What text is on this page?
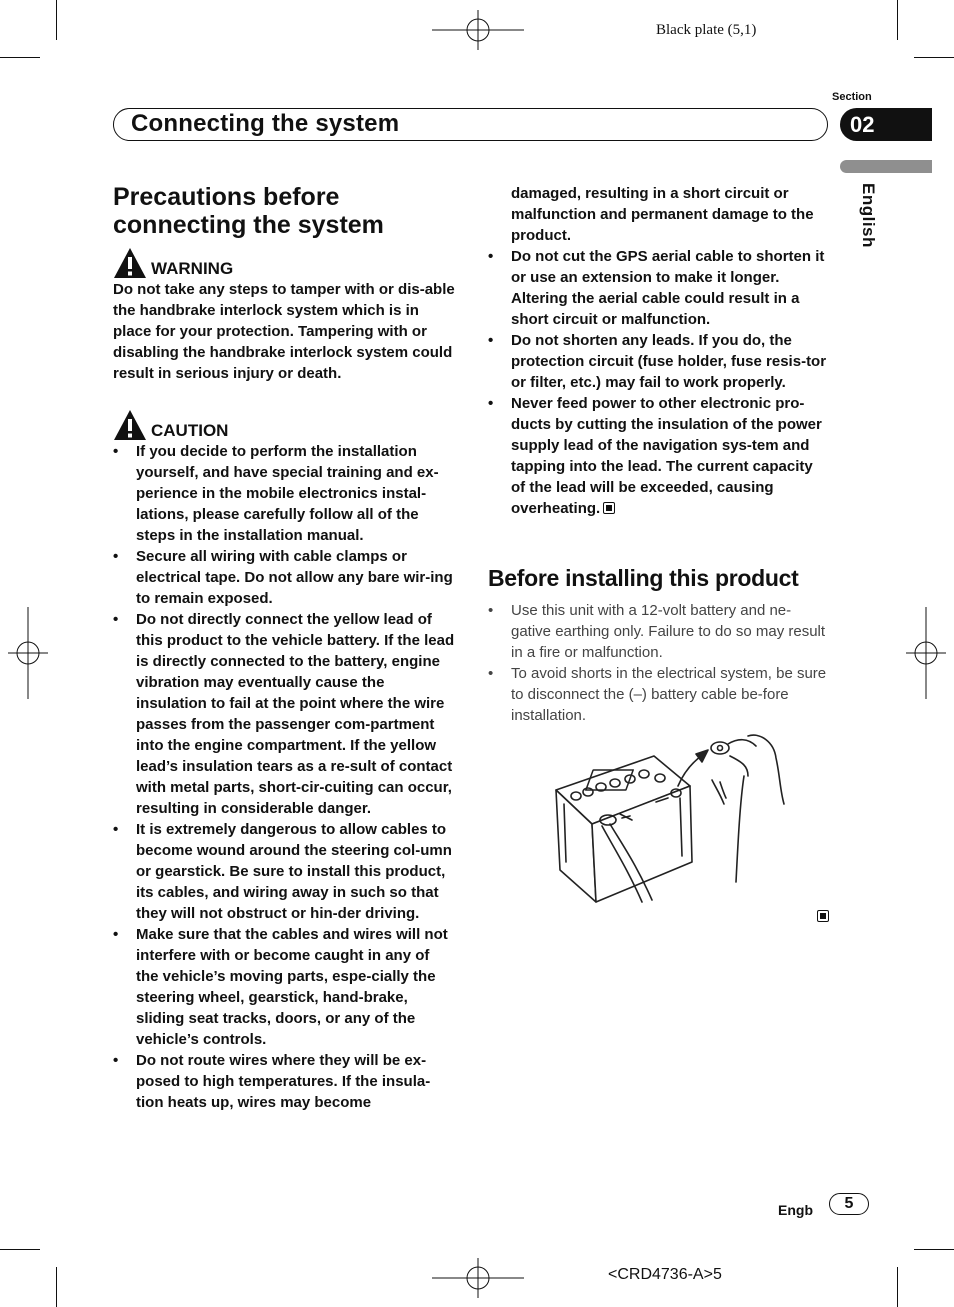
Black plate (5,1)
Section
Connecting the system	02
English
Precautions before
connecting the system
WARNING
Do not take any steps to tamper with or dis-able the handbrake interlock system which is in place for your protection. Tampering with or disabling the handbrake interlock system could result in serious injury or death.
CAUTION
• If you decide to perform the installation yourself, and have special training and ex-perience in the mobile electronics instal-lations, please carefully follow all of the steps in the installation manual.
• Secure all wiring with cable clamps or electrical tape. Do not allow any bare wir-ing to remain exposed.
• Do not directly connect the yellow lead of this product to the vehicle battery. If the lead is directly connected to the battery, engine vibration may eventually cause the insulation to fail at the point where the wire passes from the passenger com-partment into the engine compartment. If the yellow lead’s insulation tears as a re-sult of contact with metal parts, short-cir-cuiting can occur, resulting in considerable danger.
• It is extremely dangerous to allow cables to become wound around the steering col-umn or gearstick. Be sure to install this product, its cables, and wiring away in such so that they will not obstruct or hin-der driving.
• Make sure that the cables and wires will not interfere with or become caught in any of the vehicle’s moving parts, espe-cially the steering wheel, gearstick, hand-brake, sliding seat tracks, doors, or any of the vehicle’s controls.
• Do not route wires where they will be ex-posed to high temperatures. If the insula-tion heats up, wires may become
damaged, resulting in a short circuit or malfunction and permanent damage to the product.
• Do not cut the GPS aerial cable to shorten it or use an extension to make it longer. Altering the aerial cable could result in a short circuit or malfunction.
• Do not shorten any leads. If you do, the protection circuit (fuse holder, fuse resis-tor or filter, etc.) may fail to work properly.
• Never feed power to other electronic pro-ducts by cutting the insulation of the power supply lead of the navigation sys-tem and tapping into the lead. The current capacity of the lead will be exceeded, causing overheating.
Before installing this product
• Use this unit with a 12-volt battery and ne-gative earthing only. Failure to do so may result in a fire or malfunction.
• To avoid shorts in the electrical system, be sure to disconnect the (–) battery cable be-fore installation.
Engb	5
<CRD4736-A>5
